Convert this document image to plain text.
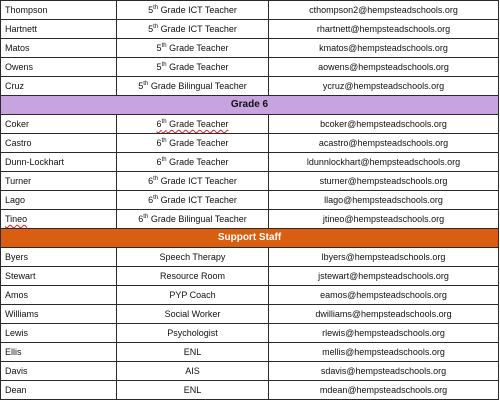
Thompson	5th Grade ICT Teacher	cthompson2@hempsteadschools.org
Hartnett	5th Grade ICT Teacher	rhartnett@hempsteadschools.org
Matos	5th Grade Teacher	kmatos@hempsteadschools.org
Owens	5th Grade Teacher	aowens@hempsteadschools.org
Cruz	5th Grade Bilingual Teacher	ycruz@hempsteadschools.org
Grade 6		
Coker	6th Grade Teacher	bcoker@hempsteadschools.org
Castro	6th Grade Teacher	acastro@hempsteadschools.org
Dunn-Lockhart	6th Grade Teacher	ldunnlockhart@hempsteadschools.org
Turner	6th Grade ICT Teacher	sturner@hempsteadschools.org
Lago	6th Grade ICT Teacher	llago@hempsteadschools.org
Tineo	6th Grade Bilingual Teacher	jtineo@hempsteadschools.org
Support Staff		
Byers	Speech Therapy	lbyers@hempsteadschools.org
Stewart	Resource Room	jstewart@hempsteadschools.org
Amos	PYP Coach	eamos@hempsteadschools.org
Williams	Social Worker	dwilliams@hempsteadschools.org
Lewis	Psychologist	rlewis@hempsteadschools.org
Ellis	ENL	mellis@hempsteadschools.org
Davis	AIS	sdavis@hempsteadschools.org
Dean	ENL	mdean@hempsteadschools.org
